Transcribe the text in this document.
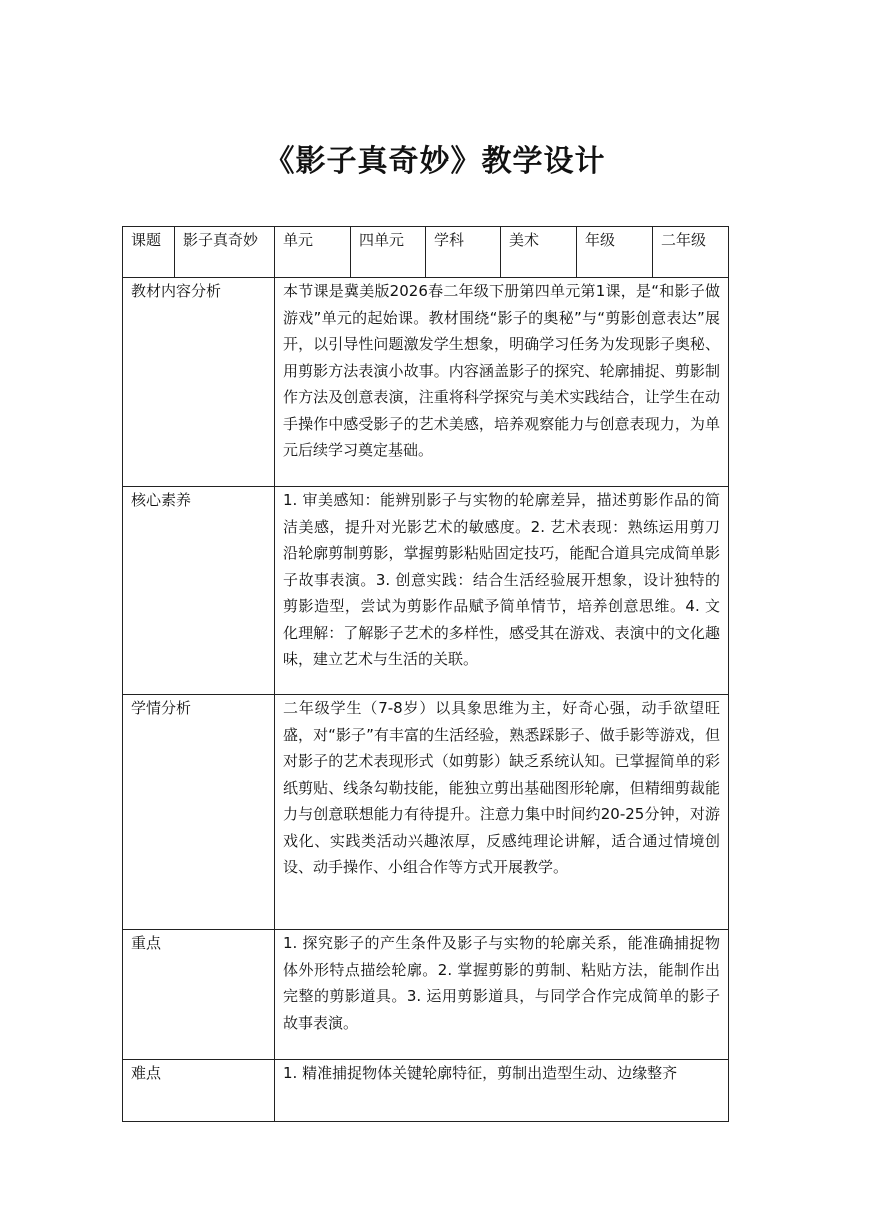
《影子真奇妙》教学设计
课题	影子真奇妙	单元	四单元	学科	美术	年级	二年级
教材内容分析		本节课是冀美版2026春二年级下册第四单元第1课，是“和影子做游戏”单元的起始课。教材围绕“影子的奥秘”与“剪影创意表达”展开，以引导性问题激发学生想象，明确学习任务为发现影子奥秘、用剪影方法表演小故事。内容涵盖影子的探究、轮廓捕捉、剪影制作方法及创意表演，注重将科学探究与美术实践结合，让学生在动手操作中感受影子的艺术美感，培养观察能力与创意表现力，为单元后续学习奠定基础。					
核心素养		1. 审美感知：能辨别影子与实物的轮廓差异，描述剪影作品的简洁美感，提升对光影艺术的敏感度。2. 艺术表现：熟练运用剪刀沿轮廓剪制剪影，掌握剪影粘贴固定技巧，能配合道具完成简单影子故事表演。3. 创意实践：结合生活经验展开想象，设计独特的剪影造型，尝试为剪影作品赋予简单情节，培养创意思维。4. 文化理解：了解影子艺术的多样性，感受其在游戏、表演中的文化趣味，建立艺术与生活的关联。					
学情分析		二年级学生（7-8岁）以具象思维为主，好奇心强，动手欲望旺盛，对“影子”有丰富的生活经验，熟悉踩影子、做手影等游戏，但对影子的艺术表现形式（如剪影）缺乏系统认知。已掌握简单的彩纸剪贴、线条勾勒技能，能独立剪出基础图形轮廓，但精细剪裁能力与创意联想能力有待提升。注意力集中时间约20-25分钟，对游戏化、实践类活动兴趣浓厚，反感纯理论讲解，适合通过情境创设、动手操作、小组合作等方式开展教学。					
重点		1. 探究影子的产生条件及影子与实物的轮廓关系，能准确捕捉物体外形特点描绘轮廓。2. 掌握剪影的剪制、粘贴方法，能制作出完整的剪影道具。3. 运用剪影道具，与同学合作完成简单的影子故事表演。					
难点		1. 精准捕捉物体关键轮廓特征，剪制出造型生动、边缘整齐					
